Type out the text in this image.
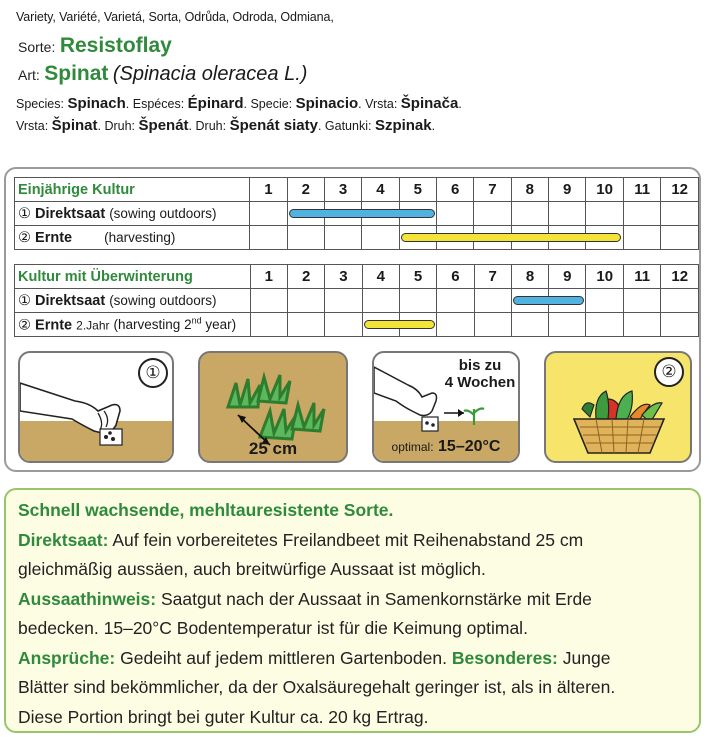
Variety, Variété, Varietá, Sorta, Odrůda, Odroda, Odmiana,
Sorte: Resistoflay
Art: Spinat (Spinacia oleracea L.)
Species: Spinach. Espéces: Épinard. Specie: Spinacio. Vrsta: Špinača.
Vrsta: Špinat. Druh: Špenát. Druh: Špenát siaty. Gatunki: Szpinak.
Einjährige Kultur	1	2	3	4	5	6	7	8	9	10	11	12
① Direktsaat (sowing outdoors)												
② Ernte (harvesting)												
Kultur mit Überwinterung	1	2	3	4	5	6	7	8	9	10	11	12
① Direktsaat (sowing outdoors)												
② Ernte 2.Jahr (harvesting 2nd year)												
①
25 cm
bis zu
4 Wochen
optimal: 15–20°C
②

Schnell wachsende, mehltauresistente Sorte.

Direktsaat: Auf fein vorbereitetes Freilandbeet mit Reihenabstand 25 cm

gleichmäßig aussäen, auch breitwürfige Aussaat ist möglich.

Aussaathinweis: Saatgut nach der Aussaat in Samenkornstärke mit Erde

bedecken. 15–20°C Bodentemperatur ist für die Keimung optimal.

Ansprüche: Gedeiht auf jedem mittleren Gartenboden. Besonderes: Junge

Blätter sind bekömmlicher, da der Oxalsäuregehalt geringer ist, als in älteren.

Diese Portion bringt bei guter Kultur ca. 20 kg Ertrag.
